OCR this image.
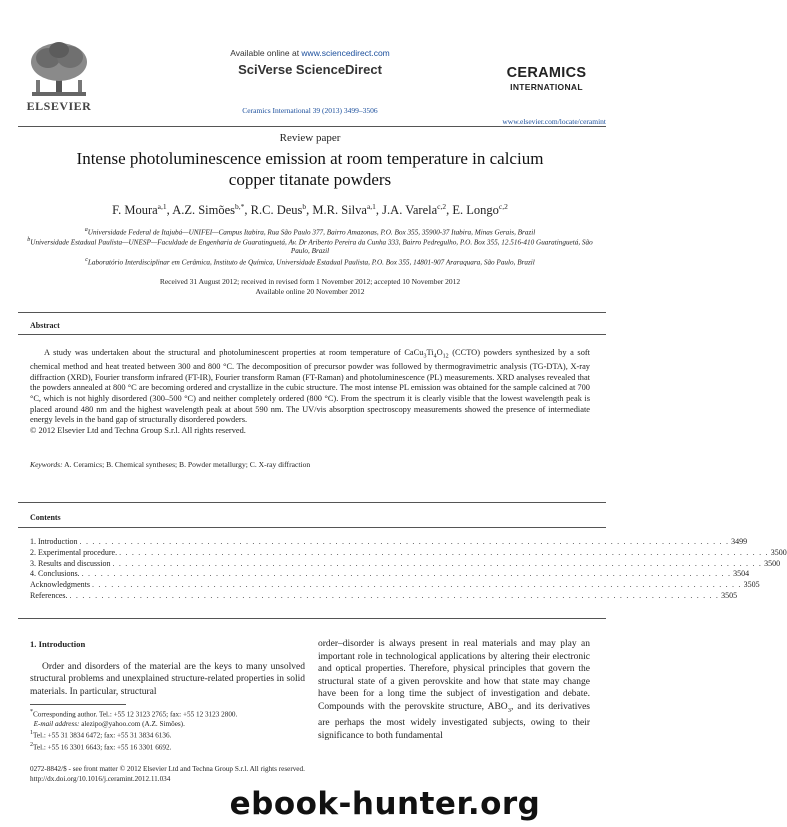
ELSEVIER
Available online at www.sciencedirect.com
SciVerse ScienceDirect
Ceramics International 39 (2013) 3499–3506
CERAMICS
INTERNATIONAL
www.elsevier.com/locate/ceramint
Review paper
Intense photoluminescence emission at room temperature in calcium copper titanate powders
F. Moura$^{a,1}$, A.Z. Simões$^{b,*}$, R.C. Deus$^b$, M.R. Silva$^{a,1}$, J.A. Varela$^{c,2}$, E. Longo$^{c,2}$
$^a$Universidade Federal de Itajubá—UNIFEI—Campus Itabira, Rua São Paulo 377, Bairro Amazonas, P.O. Box 355, 35900-37 Itabira, Minas Gerais, Brazil
$^b$Universidade Estadual Paulista—UNESP—Faculdade de Engenharia de Guaratinguetá, Av. Dr Ariberto Pereira da Cunha 333, Bairro Pedregulho, P.O. Box 355, 12.516-410 Guaratinguetá, São Paulo, Brazil
$^c$Laboratório Interdisciplinar em Cerâmica, Instituto de Química, Universidade Estadual Paulista, P.O. Box 355, 14801-907 Araraquara, São Paulo, Brazil
Received 31 August 2012; received in revised form 1 November 2012; accepted 10 November 2012
Available online 20 November 2012
Abstract
A study was undertaken about the structural and photoluminescent properties at room temperature of $CaCu_3Ti_4O_{12}$ (CCTO) powders synthesized by a soft chemical method and heat treated between 300 and 800 °C. The decomposition of precursor powder was followed by thermogravimetric analysis (TG-DTA), X-ray diffraction (XRD), Fourier transform infrared (FT-IR), Fourier transform Raman (FT-Raman) and photoluminescence (PL) measurements. XRD analyses revealed that the powders annealed at 800 °C are becoming ordered and crystallize in the cubic structure. The most intense PL emission was obtained for the sample calcined at 700 °C, which is not highly disordered (300–500 °C) and neither completely ordered (800 °C). From the spectrum it is clearly visible that the lowest wavelength peak is placed around 480 nm and the highest wavelength peak at about 590 nm. The UV/vis absorption spectroscopy measurements showed the presence of intermediate energy levels in the band gap of structurally disordered powders.
© 2012 Elsevier Ltd and Techna Group S.r.l. All rights reserved.
Keywords: A. Ceramics; B. Chemical syntheses; B. Powder metallurgy; C. X-ray diffraction
Contents
1. Introduction . . . . . . . . . . . . . . . . . . . . . . . . . . . . . . . . . . . . . . . . . . . . . . . . . . . . . . . . . . . . . . . . . . . . . . . . . . . . . . . . . . . . . . . . . . . . . . . . . . . . . . 3499
2. Experimental procedure. . . . . . . . . . . . . . . . . . . . . . . . . . . . . . . . . . . . . . . . . . . . . . . . . . . . . . . . . . . . . . . . . . . . . . . . . . . . . . . . . . . . . . . . . . . . . . . . . . . . . . . 3500
3. Results and discussion . . . . . . . . . . . . . . . . . . . . . . . . . . . . . . . . . . . . . . . . . . . . . . . . . . . . . . . . . . . . . . . . . . . . . . . . . . . . . . . . . . . . . . . . . . . . . . . . . . . . . . 3500
4. Conclusions. . . . . . . . . . . . . . . . . . . . . . . . . . . . . . . . . . . . . . . . . . . . . . . . . . . . . . . . . . . . . . . . . . . . . . . . . . . . . . . . . . . . . . . . . . . . . . . . . . . . . . . 3504
Acknowledgments . . . . . . . . . . . . . . . . . . . . . . . . . . . . . . . . . . . . . . . . . . . . . . . . . . . . . . . . . . . . . . . . . . . . . . . . . . . . . . . . . . . . . . . . . . . . . . . . . . . . . . 3505
References. . . . . . . . . . . . . . . . . . . . . . . . . . . . . . . . . . . . . . . . . . . . . . . . . . . . . . . . . . . . . . . . . . . . . . . . . . . . . . . . . . . . . . . . . . . . . . . . . . . . . . . 3505
1. Introduction

Order and disorders of the material are the keys to many unsolved structural problems and unexplained structure-related properties in solid materials. In particular, structural

order–disorder is always present in real materials and may play an important role in technological applications by altering their electronic and optical properties. Therefore, physical principles that govern the structural state of a given perovskite and how that state may change have been for a long time the subject of investigation and debate. Compounds with the perovskite structure, $ABO_3$, and its derivatives are perhaps the most widely investigated subjects, owing to their significance to both fundamental
*Corresponding author. Tel.: +55 12 3123 2765; fax: +55 12 3123 2800.
E-mail address: alezipo@yahoo.com (A.Z. Simões).
$^1$Tel.: +55 31 3834 6472; fax: +55 31 3834 6136.
$^2$Tel.: +55 16 3301 6643; fax: +55 16 3301 6692.
0272-8842/$ - see front matter © 2012 Elsevier Ltd and Techna Group S.r.l. All rights reserved.
http://dx.doi.org/10.1016/j.ceramint.2012.11.034
ebook-hunter.org
